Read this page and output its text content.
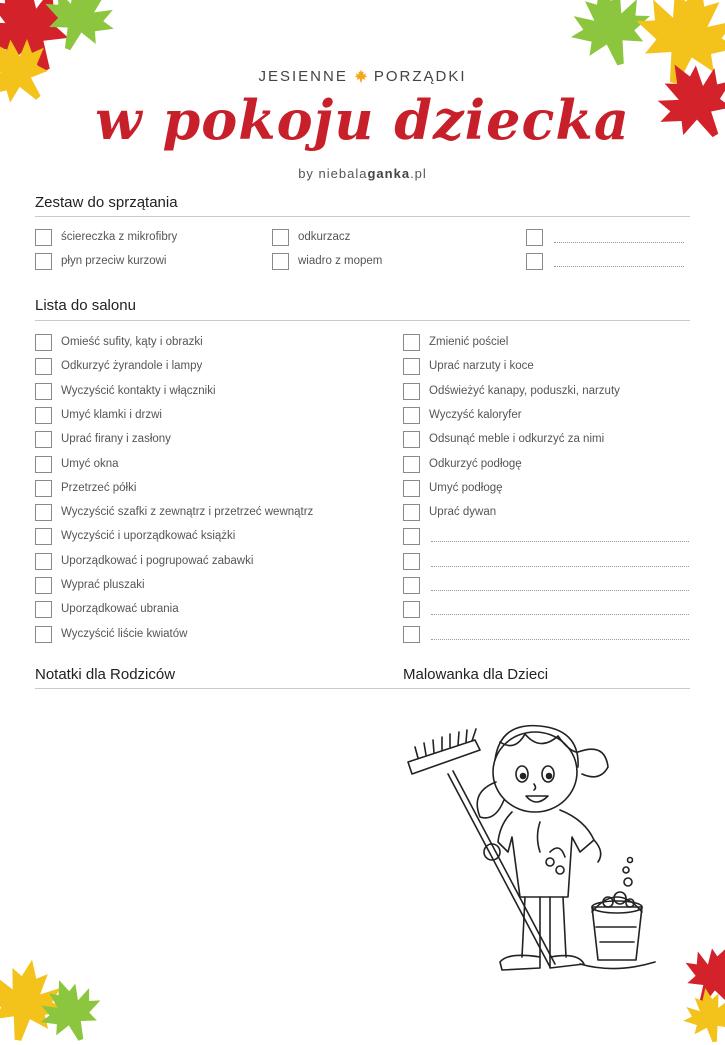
JESIENNE PORZĄDKI
w pokoju dziecka
by niebalaganka.pl
Zestaw do sprzątania
ściereczka z mikrofibry
płyn przeciw kurzowi
odkurzacz
wiadro z mopem
Lista do salonu
Notatki dla Rodziców	Malowanka dla Dzieci
Omieść sufity, kąty i obrazki
Odkurzyć żyrandole i lampy
Wyczyścić kontakty i włączniki
Umyć klamki i drzwi
Uprać firany i zasłony
Umyć okna
Przetrzeć półki
Wyczyścić szafki z zewnątrz i przetrzeć wewnątrz
Wyczyścić i uporządkować książki
Uporządkować i pogrupować zabawki
Wyprać pluszaki
Uporządkować ubrania
Wyczyścić liście kwiatów
Zmienić pościel
Uprać narzuty i koce
Odświeżyć kanapy, poduszki, narzuty
Wyczyść kaloryfer
Odsunąć meble i odkurzyć za nimi
Odkurzyć podłogę
Umyć podłogę
Uprać dywan
